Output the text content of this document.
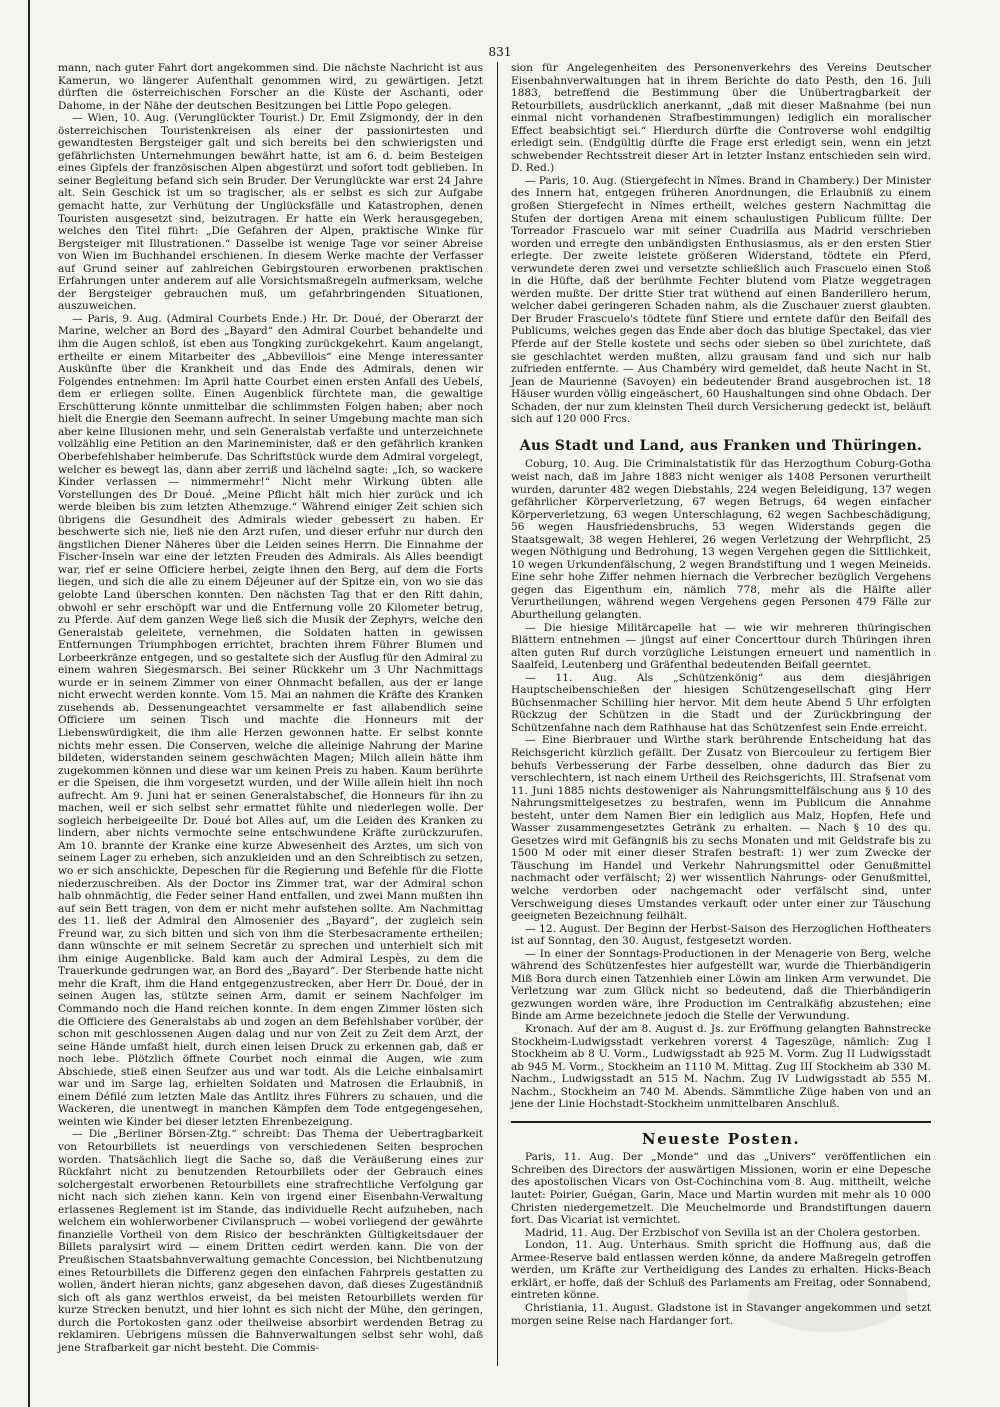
831

mann, nach guter Fahrt dort angekommen sind. Die nächste Nachricht ist aus Kamerun, wo längerer Aufenthalt genommen wird, zu gewärtigen. Jetzt dürften die österreichischen Forscher an die Küste der Aschanti, oder Dahome, in der Nähe der deutschen Besitzungen bei Little Popo gelegen.

— Wien, 10. Aug. (Verunglückter Tourist.) Dr. Emil Zsigmondy, der in den österreichischen Touristenkreisen als einer der passionirtesten und gewandtesten Bergsteiger galt und sich bereits bei den schwierigsten und gefährlichsten Unternehmungen bewährt hatte, ist am 6. d. beim Besteigen eines Gipfels der französischen Alpen abgestürzt und sofort todt geblieben. In seiner Begleitung befand sich sein Bruder. Der Verunglückte war erst 24 Jahre alt. Sein Geschick ist um so tragischer, als er selbst es sich zur Aufgabe gemacht hatte, zur Verhütung der Unglücksfälle und Katastrophen, denen Touristen ausgesetzt sind, beizutragen. Er hatte ein Werk herausgegeben, welches den Titel führt: „Die Gefahren der Alpen, praktische Winke für Bergsteiger mit Illustrationen.“ Dasselbe ist wenige Tage vor seiner Abreise von Wien im Buchhandel erschienen. In diesem Werke machte der Verfasser auf Grund seiner auf zahlreichen Gebirgstouren erworbenen praktischen Erfahrungen unter anderem auf alle Vorsichtsmaßregeln aufmerksam, welche der Bergsteiger gebrauchen muß, um gefahrbringenden Situationen, auszuweichen.

— Paris, 9. Aug. (Admiral Courbets Ende.) Hr. Dr. Doué, der Oberarzt der Marine, welcher an Bord des „Bayard“ den Admiral Courbet behandelte und ihm die Augen schloß, ist eben aus Tongking zurückgekehrt. Kaum angelangt, ertheilte er einem Mitarbeiter des „Abbevillois“ eine Menge interessanter Auskünfte über die Krankheit und das Ende des Admirals, denen wir Folgendes entnehmen: Im April hatte Courbet einen ersten Anfall des Uebels, dem er erliegen sollte. Einen Augenblick fürchtete man, die gewaltige Erschütterung könnte unmittelbar die schlimmsten Folgen haben; aber noch hielt die Energie den Seemann aufrecht. In seiner Umgebung machte man sich aber keine Illusionen mehr, und sein Generalstab verfaßte und unterzeichnete vollzählig eine Petition an den Marineminister, daß er den gefährlich kranken Oberbefehlshaber heimberufe. Das Schriftstück wurde dem Admiral vorgelegt, welcher es bewegt las, dann aber zerriß und lächelnd sagte: „Ich, so wackere Kinder verlassen — nimmermehr!“ Nicht mehr Wirkung übten alle Vorstellungen des Dr Doué. „Meine Pflicht hält mich hier zurück und ich werde bleiben bis zum letzten Athemzuge.“ Während einiger Zeit schien sich übrigens die Gesundheit des Admirals wieder gebessert zu haben. Er beschwerte sich nie, ließ nie den Arzt rufen, und dieser erfuhr nur durch den ängstlichen Diener Näheres über die Leiden seines Herrn. Die Einnahme der Fischer-Inseln war eine der letzten Freuden des Admirals. Als Alles beendigt war, rief er seine Officiere herbei, zeigte ihnen den Berg, auf dem die Forts liegen, und sich die alle zu einem Déjeuner auf der Spitze ein, von wo sie das gelobte Land überschen konnten. Den nächsten Tag that er den Ritt dahin, obwohl er sehr erschöpft war und die Entfernung volle 20 Kilometer betrug, zu Pferde. Auf dem ganzen Wege ließ sich die Musik der Zephyrs, welche den Generalstab geleitete, vernehmen, die Soldaten hatten in gewissen Entfernungen Triumphbogen errichtet, brachten ihrem Führer Blumen und Lorbeerkränze entgegen, und so gestaltete sich der Ausflug für den Admiral zu einem wahren Siegesmarsch. Bei seiner Rückkehr um 3 Uhr Nachmittags wurde er in seinem Zimmer von einer Ohnmacht befallen, aus der er lange nicht erwecht werden konnte. Vom 15. Mai an nahmen die Kräfte des Kranken zusehends ab. Dessenungeachtet versammelte er fast allabendlich seine Officiere um seinen Tisch und machte die Honneurs mit der Liebenswürdigkeit, die ihm alle Herzen gewonnen hatte. Er selbst konnte nichts mehr essen. Die Conserven, welche die alleinige Nahrung der Marine bildeten, widerstanden seinem geschwächten Magen; Milch allein hätte ihm zugekommen können und diese war um keinen Preis zu haben. Kaum berührte er die Speisen, die ihm vorgesetzt wurden, und der Wille allein hielt ihn noch aufrecht. Am 9. Juni hat er seinen Generalstabschef, die Honneurs für ihn zu machen, weil er sich selbst sehr ermattet fühlte und niederlegen wolle. Der sogleich herbeigeeilte Dr. Doué bot Alles auf, um die Leiden des Kranken zu lindern, aber nichts vermochte seine entschwundene Kräfte zurückzurufen. Am 10. brannte der Kranke eine kurze Abwesenheit des Arztes, um sich von seinem Lager zu erheben, sich anzukleiden und an den Schreibtisch zu setzen, wo er sich anschickte, Depeschen für die Regierung und Befehle für die Flotte niederzuschreiben. Als der Doctor ins Zimmer trat, war der Admiral schon halb ohnmächtig, die Feder seiner Hand entfallen, und zwei Mann mußten ihn auf sein Bett tragen, von dem er nicht mehr aufstehen sollte. Am Nachmittag des 11. ließ der Admiral den Almosenier des „Bayard“, der zugleich sein Freund war, zu sich bitten und sich von ihm die Sterbesacramente ertheilen; dann wünschte er mit seinem Secretär zu sprechen und unterhielt sich mit ihm einige Augenblicke. Bald kam auch der Admiral Lespès, zu dem die Trauerkunde gedrungen war, an Bord des „Bayard“. Der Sterbende hatte nicht mehr die Kraft, ihm die Hand entgegenzustrecken, aber Herr Dr. Doué, der in seinen Augen las, stützte seinen Arm, damit er seinem Nachfolger im Commando noch die Hand reichen konnte. In dem engen Zimmer lösten sich die Officiere des Generalstabs ab und zogen an dem Befehlshaber vorüber, der schon mit geschlossenen Augen dalag und nur von Zeit zu Zeit dem Arzt, der seine Hände umfaßt hielt, durch einen leisen Druck zu erkennen gab, daß er noch lebe. Plötzlich öffnete Courbet noch einmal die Augen, wie zum Abschiede, stieß einen Seufzer aus und war todt. Als die Leiche einbalsamirt war und im Sarge lag, erhielten Soldaten und Matrosen die Erlaubniß, in einem Défilé zum letzten Male das Antlitz ihres Führers zu schauen, und die Wackeren, die unentwegt in manchen Kämpfen dem Tode entgegengesehen, weinten wie Kinder bei dieser letzten Ehrenbezeigung.

— Die „Berliner Börsen-Ztg.“ schreibt: Das Thema der Uebertragbarkeit von Retourbillets ist neuerdings von verschiedenen Seiten besprochen worden. Thatsächlich liegt die Sache so, daß die Veräußerung eines zur Rückfahrt nicht zu benutzenden Retourbillets oder der Gebrauch eines solchergestalt erworbenen Retourbillets eine strafrechtliche Verfolgung gar nicht nach sich ziehen kann. Kein von irgend einer Eisenbahn-Verwaltung erlassenes Reglement ist im Stande, das individuelle Recht aufzuheben, nach welchem ein wohlerworbener Civilanspruch — wobei vorliegend der gewährte finanzielle Vortheil von dem Risico der beschränkten Gültigkeitsdauer der Billets paralysirt wird — einem Dritten cedirt werden kann. Die von der Preußischen Staatsbahnverwaltung gemachte Concession, bei Nichtbenutzung eines Retourbillets die Differenz gegen den einfachen Fahrpreis gestatten zu wollen, ändert hieran nichts, ganz abgesehen davon, daß dieses Zugeständniß sich oft als ganz werthlos erweist, da bei meisten Retourbillets werden für kurze Strecken benutzt, und hier lohnt es sich nicht der Mühe, den geringen, durch die Portokosten ganz oder theilweise absorbirt werdenden Betrag zu reklamiren. Uebrigens müssen die Bahnverwaltungen selbst sehr wohl, daß jene Strafbarkeit gar nicht besteht. Die Commis-

sion für Angelegenheiten des Personenverkehrs des Vereins Deutscher Eisenbahnverwaltungen hat in ihrem Berichte do dato Pesth, den 16. Juli 1883, betreffend die Bestimmung über die Unübertragbarkeit der Retourbillets, ausdrücklich anerkannt, „daß mit dieser Maßnahme (bei nun einmal nicht vorhandenen Strafbestimmungen) lediglich ein moralischer Effect beabsichtigt sei.“ Hierdurch dürfte die Controverse wohl endgiltig erledigt sein. (Endgültig dürfte die Frage erst erledigt sein, wenn ein jetzt schwebender Rechtsstreit dieser Art in letzter Instanz entschieden sein wird. D. Red.)

— Paris, 10. Aug. (Stiergefecht in Nîmes. Brand in Chambery.) Der Minister des Innern hat, entgegen früheren Anordnungen, die Erlaubniß zu einem großen Stiergefecht in Nîmes ertheilt, welches gestern Nachmittag die Stufen der dortigen Arena mit einem schaulustigen Publicum füllte. Der Torreador Frascuelo war mit seiner Cuadrilla aus Madrid verschrieben worden und erregte den unbändigsten Enthusiasmus, als er den ersten Stier erlegte. Der zweite leistete größeren Widerstand, tödtete ein Pferd, verwundete deren zwei und versetzte schließlich auch Frascuelo einen Stoß in die Hüfte, daß der berühmte Fechter blutend vom Platze weggetragen werden mußte. Der dritte Stier trat wüthend auf einen Banderillero herum, welcher dabei geringeren Schaden nahm, als die Zuschauer zuerst glaubten. Der Bruder Frascuelo's tödtete fünf Stiere und erntete dafür den Beifall des Publicums, welches gegen das Ende aber doch das blutige Spectakel, das vier Pferde auf der Stelle kostete und sechs oder sieben so übel zurichtete, daß sie geschlachtet werden mußten, allzu grausam fand und sich nur halb zufrieden entfernte. — Aus Chambéry wird gemeldet, daß heute Nacht in St. Jean de Maurienne (Savoyen) ein bedeutender Brand ausgebrochen ist. 18 Häuser wurden völlig eingeäschert, 60 Haushaltungen sind ohne Obdach. Der Schaden, der nur zum kleinsten Theil durch Versicherung gedeckt ist, beläuft sich auf 120 000 Frcs.

Aus Stadt und Land, aus Franken und Thüringen.

Coburg, 10. Aug. Die Criminalstatistik für das Herzogthum Coburg-Gotha weist nach, daß im Jahre 1883 nicht weniger als 1408 Personen verurtheilt wurden, darunter 482 wegen Diebstahls, 224 wegen Beleidigung, 137 wegen gefährlicher Körperverletzung, 67 wegen Betrugs, 64 wegen einfacher Körperverletzung, 63 wegen Unterschlagung, 62 wegen Sachbeschädigung, 56 wegen Hausfriedensbruchs, 53 wegen Widerstands gegen die Staatsgewalt, 38 wegen Hehlerei, 26 wegen Verletzung der Wehrpflicht, 25 wegen Nöthigung und Bedrohung, 13 wegen Vergehen gegen die Sittlichkeit, 10 wegen Urkundenfälschung, 2 wegen Brandstiftung und 1 wegen Meineids. Eine sehr hohe Ziffer nehmen hiernach die Verbrecher bezüglich Vergehens gegen das Eigenthum ein, nämlich 778, mehr als die Hälfte aller Verurtheilungen, während wegen Vergehens gegen Personen 479 Fälle zur Aburtheilung gelangten.

— Die hiesige Militärcapelle hat — wie wir mehreren thüringischen Blättern entnehmen — jüngst auf einer Concerttour durch Thüringen ihren alten guten Ruf durch vorzügliche Leistungen erneuert und namentlich in Saalfeld, Leutenberg und Gräfenthal bedeutenden Beifall geerntet.

— 11. Aug. Als „Schützenkönig“ aus dem diesjährigen Hauptscheibenschießen der hiesigen Schützengesellschaft ging Herr Büchsenmacher Schilling hier hervor. Mit dem heute Abend 5 Uhr erfolgten Rückzug der Schützen in die Stadt und der Zurückbringung der Schützenfahne nach dem Rathhause hat das Schützenfest sein Ende erreicht.

— Eine Bierbrauer und Wirthe stark berührende Entscheidung hat das Reichsgericht kürzlich gefällt. Der Zusatz von Biercouleur zu fertigem Bier behufs Verbesserung der Farbe desselben, ohne dadurch das Bier zu verschlechtern, ist nach einem Urtheil des Reichsgerichts, III. Strafsenat vom 11. Juni 1885 nichts destoweniger als Nahrungsmittelfälschung aus § 10 des Nahrungsmittelgesetzes zu bestrafen, wenn im Publicum die Annahme besteht, unter dem Namen Bier ein lediglich aus Malz, Hopfen, Hefe und Wasser zusammengesetztes Getränk zu erhalten. — Nach § 10 des qu. Gesetzes wird mit Gefängniß bis zu sechs Monaten und mit Geldstrafe bis zu 1500 M oder mit einer dieser Strafen bestraft: 1) wer zum Zwecke der Täuschung im Handel und Verkehr Nahrungsmittel oder Genußmittel nachmacht oder verfälscht; 2) wer wissentlich Nahrungs- oder Genußmittel, welche verdorben oder nachgemacht oder verfälscht sind, unter Verschweigung dieses Umstandes verkauft oder unter einer zur Täuschung geeigneten Bezeichnung feilhält.

— 12. August. Der Beginn der Herbst-Saison des Herzoglichen Hoftheaters ist auf Sonntag, den 30. August, festgesetzt worden.

— In einer der Sonntags-Productionen in der Menagerie von Berg, welche während des Schützenfestes hier aufgestellt war, wurde die Thierbändigerin Miß Bora durch einen Tatzenhieb einer Löwin am linken Arm verwundet. Die Verletzung war zum Glück nicht so bedeutend, daß die Thierbändigerin gezwungen worden wäre, ihre Production im Centralkäfig abzustehen; eine Binde am Arme bezeichnete jedoch die Stelle der Verwundung.

Kronach. Auf der am 8. August d. Js. zur Eröffnung gelangten Bahnstrecke Stockheim-Ludwigsstadt verkehren vorerst 4 Tageszüge, nämlich: Zug I Stockheim ab 8 U. Vorm., Ludwigsstadt ab 925 M. Vorm. Zug II Ludwigsstadt ab 945 M. Vorm., Stockheim an 1110 M. Mittag. Zug III Stockheim ab 330 M. Nachm., Ludwigsstadt an 515 M. Nachm. Zug IV Ludwigsstadt ab 555 M. Nachm., Stockheim an 740 M. Abends. Sämmtliche Züge haben von und an jene der Linie Hochstadt-Stockheim unmittelbaren Anschluß.

Neueste Posten.

Paris, 11. Aug. Der „Monde“ und das „Univers“ veröffentlichen ein Schreiben des Directors der auswärtigen Missionen, worin er eine Depesche des apostolischen Vicars von Ost-Cochinchina vom 8. Aug. mittheilt, welche lautet: Poirier, Guégan, Garin, Mace und Martin wurden mit mehr als 10 000 Christen niedergemetzelt. Die Meuchelmorde und Brandstiftungen dauern fort. Das Vicariat ist vernichtet.

Madrid, 11. Aug. Der Erzbischof von Sevilla ist an der Cholera gestorben.

London, 11. Aug. Unterhaus. Smith spricht die Hoffnung aus, daß die Armee-Reserve bald entlassen werden könne, da andere Maßregeln getroffen werden, um Kräfte zur Vertheidigung des Landes zu erhalten. Hicks-Beach erklärt, er hoffe, daß der Schluß des Parlaments am Freitag, oder Sonnabend, eintreten könne.

Christiania, 11. August. Gladstone ist in Stavanger angekommen und setzt morgen seine Reise nach Hardanger fort.
